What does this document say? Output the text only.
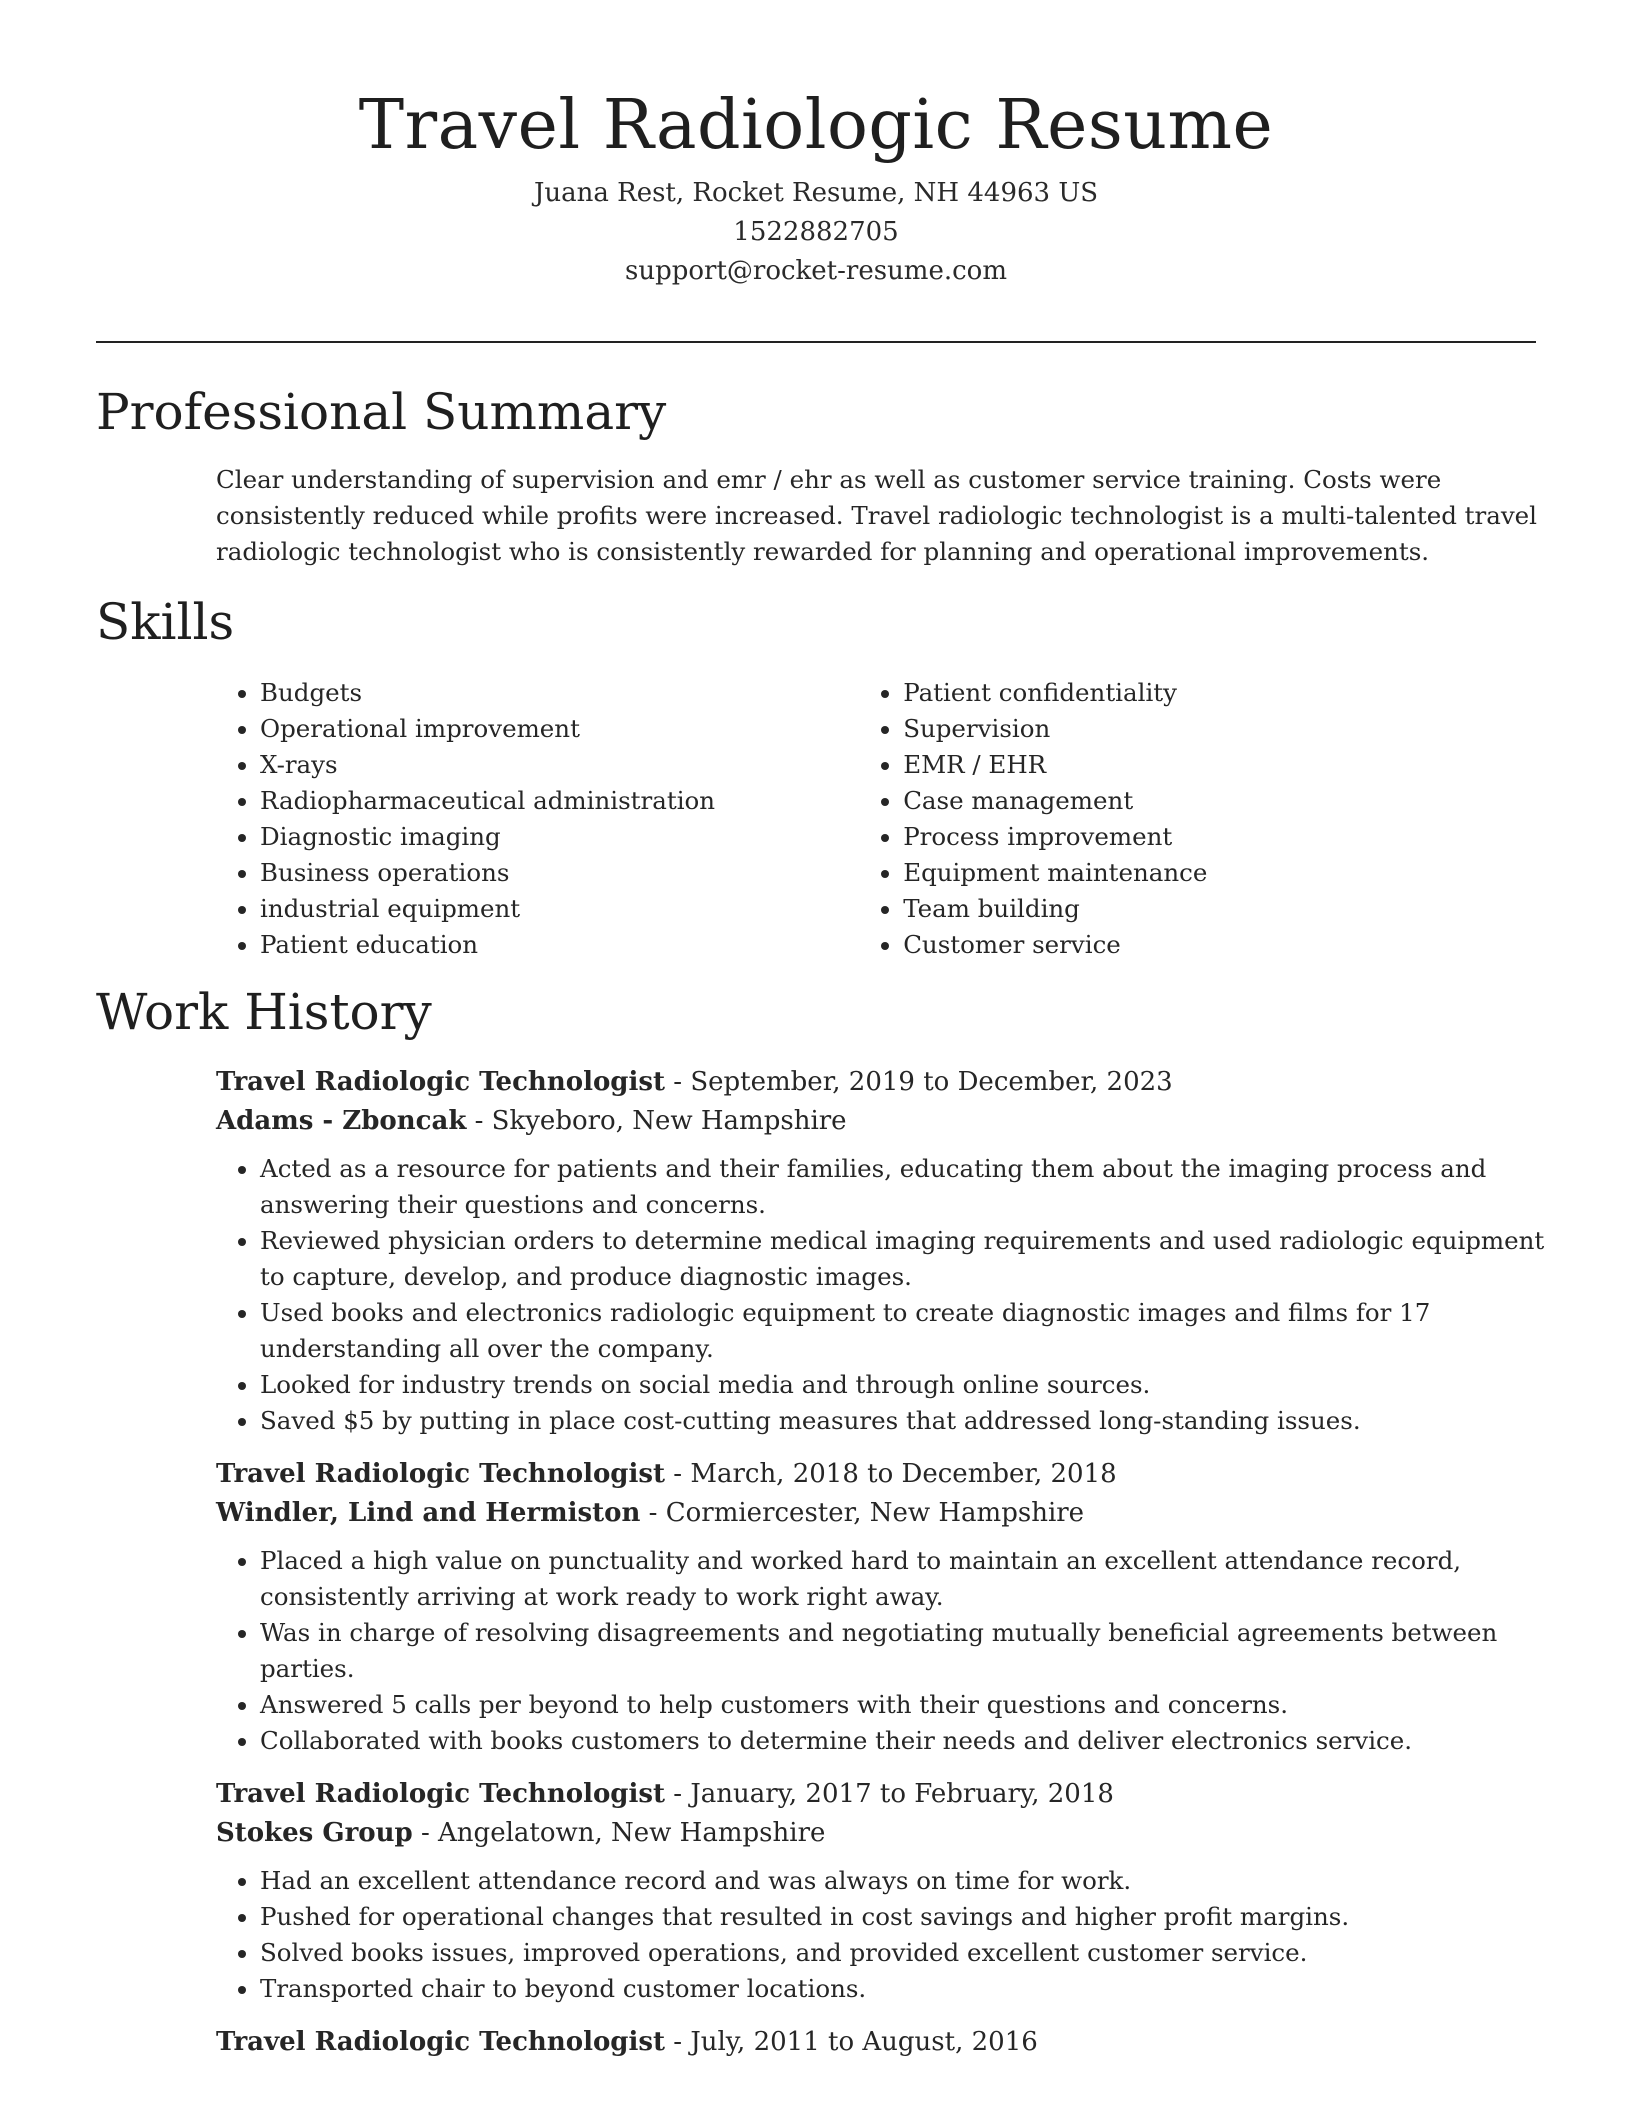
Travel Radiologic Resume
Juana Rest, Rocket Resume, NH 44963 US
1522882705
support@rocket-resume.com
Professional Summary

Clear understanding of supervision and emr / ehr as well as customer service training. Costs were consistently reduced while profits were increased. Travel radiologic technologist is a multi-talented travel radiologic technologist who is consistently rewarded for planning and operational improvements.

Skills
• Budgets
• Operational improvement
• X-rays
• Radiopharmaceutical administration
• Diagnostic imaging
• Business operations
• industrial equipment
• Patient education
• Patient confidentiality
• Supervision
• EMR / EHR
• Case management
• Process improvement
• Equipment maintenance
• Team building
• Customer service
Work History
Travel Radiologic Technologist - September, 2019 to December, 2023
Adams - Zboncak - Skyeboro, New Hampshire
• Acted as a resource for patients and their families, educating them about the imaging process and answering their questions and concerns.
• Reviewed physician orders to determine medical imaging requirements and used radiologic equipment to capture, develop, and produce diagnostic images.
• Used books and electronics radiologic equipment to create diagnostic images and films for 17 understanding all over the company.
• Looked for industry trends on social media and through online sources.
• Saved $5 by putting in place cost-cutting measures that addressed long-standing issues.
Travel Radiologic Technologist - March, 2018 to December, 2018
Windler, Lind and Hermiston - Cormiercester, New Hampshire
• Placed a high value on punctuality and worked hard to maintain an excellent attendance record, consistently arriving at work ready to work right away.
• Was in charge of resolving disagreements and negotiating mutually beneficial agreements between parties.
• Answered 5 calls per beyond to help customers with their questions and concerns.
• Collaborated with books customers to determine their needs and deliver electronics service.
Travel Radiologic Technologist - January, 2017 to February, 2018
Stokes Group - Angelatown, New Hampshire
• Had an excellent attendance record and was always on time for work.
• Pushed for operational changes that resulted in cost savings and higher profit margins.
• Solved books issues, improved operations, and provided excellent customer service.
• Transported chair to beyond customer locations.
Travel Radiologic Technologist - July, 2011 to August, 2016
